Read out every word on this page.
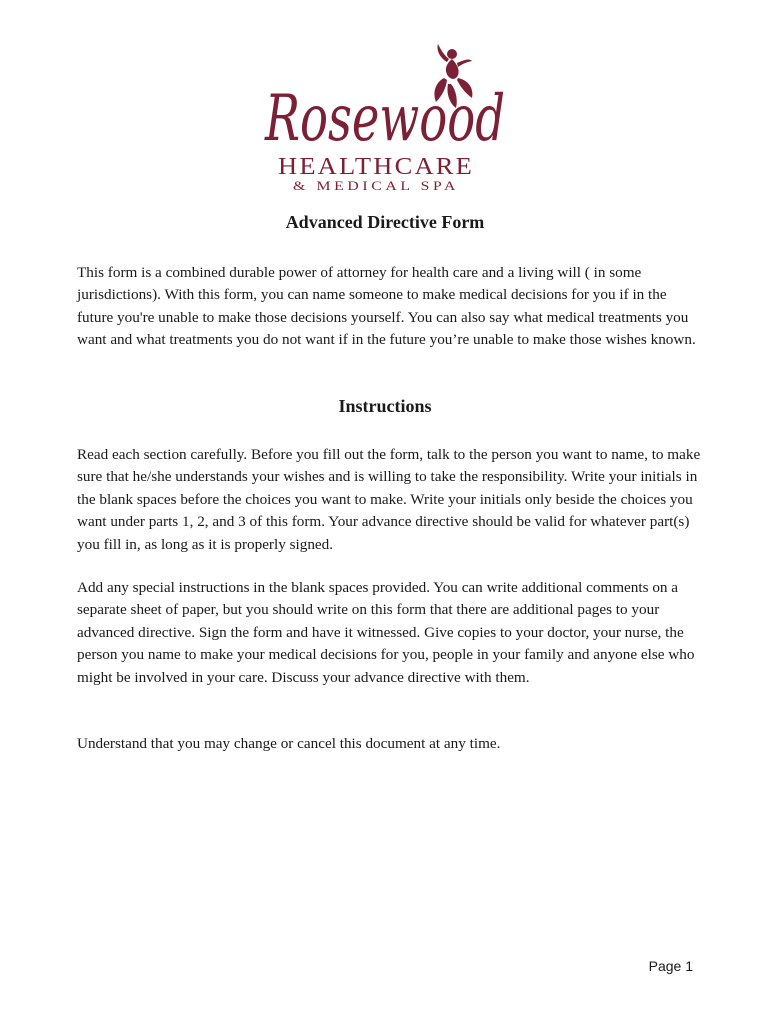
Rosewood
HEALTHCARE
& MEDICAL SPA
Advanced Directive Form

This form is a combined durable power of attorney for health care and a living will ( in some jurisdictions). With this form, you can name someone to make medical decisions for you if in the future you're unable to make those decisions yourself. You can also say what medical treatments you want and what treatments you do not want if in the future you’re unable to make those wishes known.

Instructions

Read each section carefully. Before you fill out the form, talk to the person you want to name, to make sure that he/she understands your wishes and is willing to take the responsibility. Write your initials in the blank spaces before the choices you want to make. Write your initials only beside the choices you want under parts 1, 2, and 3 of this form. Your advance directive should be valid for whatever part(s) you fill in, as long as it is properly signed.

Add any special instructions in the blank spaces provided. You can write additional comments on a separate sheet of paper, but you should write on this form that there are additional pages to your advanced directive. Sign the form and have it witnessed. Give copies to your doctor, your nurse, the person you name to make your medical decisions for you, people in your family and anyone else who might be involved in your care. Discuss your advance directive with them.

Understand that you may change or cancel this document at any time.

Page 1
